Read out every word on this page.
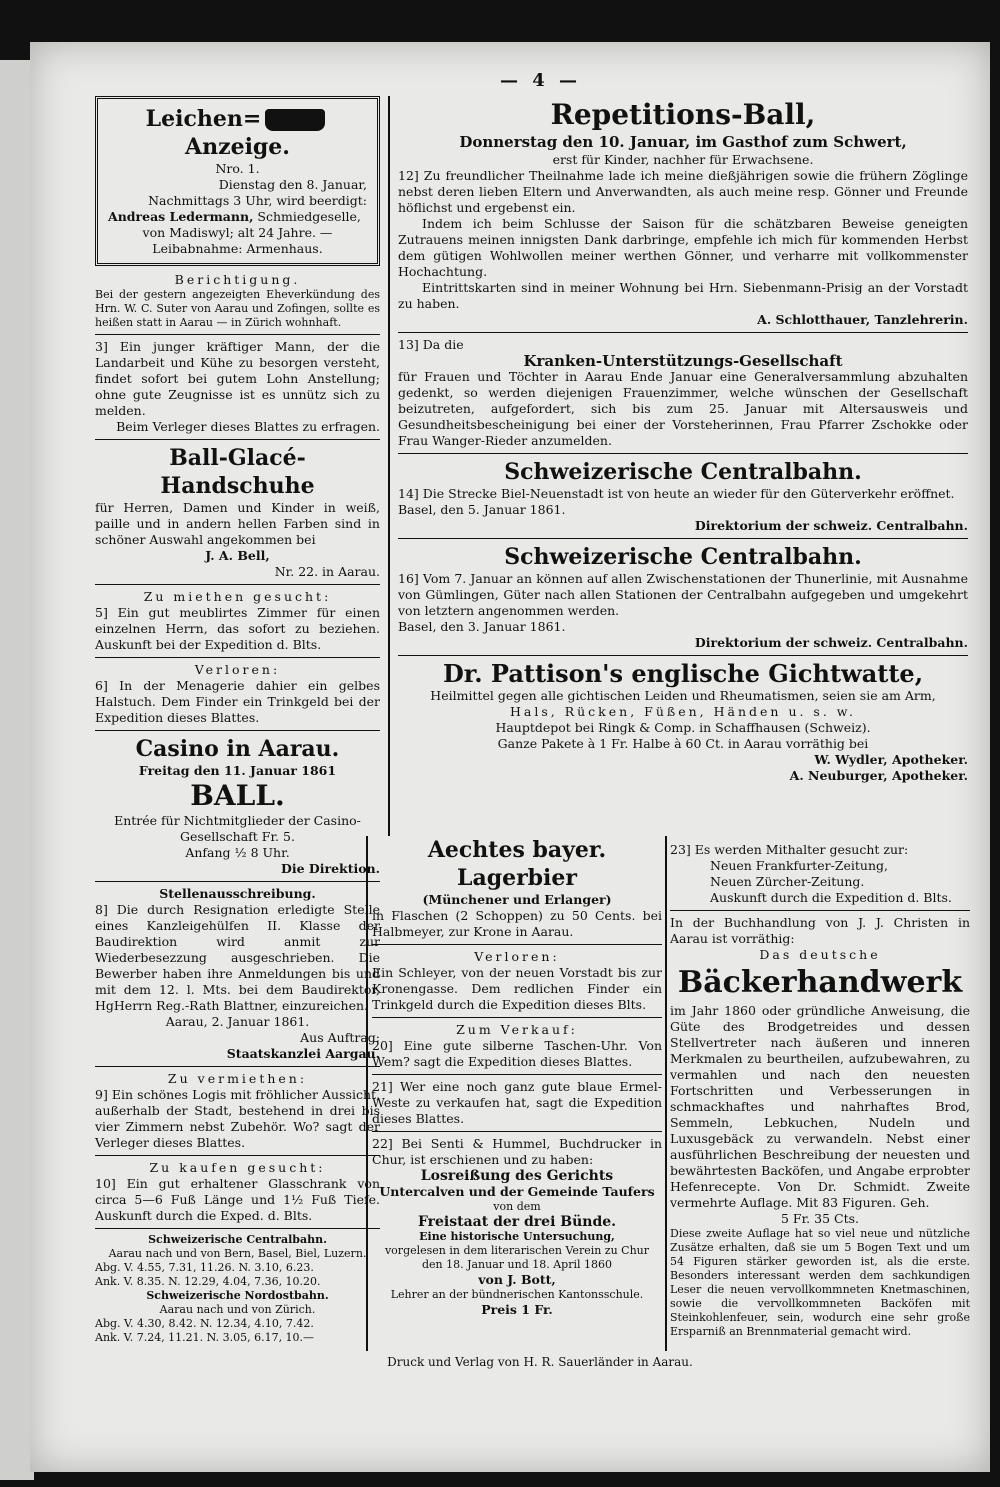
— 4 —
Leichen=Anzeige.

Nro. 1.

Dienstag den 8. Januar,

Nachmittags 3 Uhr, wird beerdigt:

Andreas Ledermann, Schmiedgeselle,

von Madiswyl; alt 24 Jahre. —

Leibabnahme: Armenhaus.

Berichtigung.

Bei der gestern angezeigten Eheverkündung des Hrn. W. C. Suter von Aarau und Zofingen, sollte es heißen statt in Aarau — in Zürich wohnhaft.

3] Ein junger kräftiger Mann, der die Landarbeit und Kühe zu besorgen versteht, findet sofort bei gutem Lohn Anstellung; ohne gute Zeugnisse ist es unnütz sich zu melden.

Beim Verleger dieses Blattes zu erfragen.

Ball-Glacé-Handschuhe

für Herren, Damen und Kinder in weiß, paille und in andern hellen Farben sind in schöner Auswahl angekommen bei

J. A. Bell,

Nr. 22. in Aarau.

Zu miethen gesucht:

5] Ein gut meublirtes Zimmer für einen einzelnen Herrn, das sofort zu beziehen. Auskunft bei der Expedition d. Blts.

Verloren:

6] In der Menagerie dahier ein gelbes Halstuch. Dem Finder ein Trinkgeld bei der Expedition dieses Blattes.

Casino in Aarau.

Freitag den 11. Januar 1861

BALL.

Entrée für Nichtmitglieder der Casino-Gesellschaft Fr. 5.

Anfang ½ 8 Uhr.

Die Direktion.

Stellenausschreibung.

8] Die durch Resignation erledigte Stelle eines Kanzleigehülfen II. Klasse der Baudirektion wird anmit zur Wiederbesezzung ausgeschrieben. Die Bewerber haben ihre Anmeldungen bis und mit dem 12. l. Mts. bei dem Baudirektor, HgHerrn Reg.-Rath Blattner, einzureichen.

Aarau, 2. Januar 1861.

Aus Auftrag:

Staatskanzlei Aargau.

Zu vermiethen:

9] Ein schönes Logis mit fröhlicher Aussicht, außerhalb der Stadt, bestehend in drei bis vier Zimmern nebst Zubehör. Wo? sagt der Verleger dieses Blattes.

Zu kaufen gesucht:

10] Ein gut erhaltener Glasschrank von circa 5—6 Fuß Länge und 1½ Fuß Tiefe. Auskunft durch die Exped. d. Blts.

Schweizerische Centralbahn.

Aarau nach und von Bern, Basel, Biel, Luzern.

Abg. V. 4.55, 7.31, 11.26. N. 3.10, 6.23.

Ank. V. 8.35. N. 12.29, 4.04, 7.36, 10.20.

Schweizerische Nordostbahn.

Aarau nach und von Zürich.

Abg. V. 4.30, 8.42. N. 12.34, 4.10, 7.42.

Ank. V. 7.24, 11.21. N. 3.05, 6.17, 10.—

Repetitions-Ball,

Donnerstag den 10. Januar, im Gasthof zum Schwert,

erst für Kinder, nachher für Erwachsene.

12] Zu freundlicher Theilnahme lade ich meine dießjährigen sowie die frühern Zöglinge nebst deren lieben Eltern und Anverwandten, als auch meine resp. Gönner und Freunde höflichst und ergebenst ein.

Indem ich beim Schlusse der Saison für die schätzbaren Beweise geneigten Zutrauens meinen innigsten Dank darbringe, empfehle ich mich für kommenden Herbst dem gütigen Wohlwollen meiner werthen Gönner, und verharre mit vollkommenster Hochachtung.

Eintrittskarten sind in meiner Wohnung bei Hrn. Siebenmann-Prisig an der Vorstadt zu haben.

A. Schlotthauer, Tanzlehrerin.

13] Da die

Kranken-Unterstützungs-Gesellschaft

für Frauen und Töchter in Aarau Ende Januar eine Generalversammlung abzuhalten gedenkt, so werden diejenigen Frauenzimmer, welche wünschen der Gesellschaft beizutreten, aufgefordert, sich bis zum 25. Januar mit Altersausweis und Gesundheitsbescheinigung bei einer der Vorsteherinnen, Frau Pfarrer Zschokke oder Frau Wanger-Rieder anzumelden.

Schweizerische Centralbahn.

14] Die Strecke Biel-Neuenstadt ist von heute an wieder für den Güterverkehr eröffnet.

Basel, den 5. Januar 1861.

Direktorium der schweiz. Centralbahn.

Schweizerische Centralbahn.

16] Vom 7. Januar an können auf allen Zwischenstationen der Thunerlinie, mit Ausnahme von Gümlingen, Güter nach allen Stationen der Centralbahn aufgegeben und umgekehrt von letztern angenommen werden.

Basel, den 3. Januar 1861.

Direktorium der schweiz. Centralbahn.

Dr. Pattison's englische Gichtwatte,

Heilmittel gegen alle gichtischen Leiden und Rheumatismen, seien sie am Arm,

Hals, Rücken, Füßen, Händen u. s. w.

Hauptdepot bei Ringk & Comp. in Schaffhausen (Schweiz).

Ganze Pakete à 1 Fr. Halbe à 60 Ct. in Aarau vorräthig bei

W. Wydler, Apotheker.

A. Neuburger, Apotheker.

Aechtes bayer. Lagerbier

(Münchener und Erlanger)

in Flaschen (2 Schoppen) zu 50 Cents. bei Halbmeyer, zur Krone in Aarau.

Verloren:

Ein Schleyer, von der neuen Vorstadt bis zur Kronengasse. Dem redlichen Finder ein Trinkgeld durch die Expedition dieses Blts.

Zum Verkauf:

20] Eine gute silberne Taschen-Uhr. Von Wem? sagt die Expedition dieses Blattes.

21] Wer eine noch ganz gute blaue Ermel-Weste zu verkaufen hat, sagt die Expedition dieses Blattes.

22] Bei Senti & Hummel, Buchdrucker in Chur, ist erschienen und zu haben:

Losreißung des Gerichts

Untercalven und der Gemeinde Taufers

von dem

Freistaat der drei Bünde.

Eine historische Untersuchung,

vorgelesen in dem literarischen Verein zu Chur

den 18. Januar und 18. April 1860

von J. Bott,

Lehrer an der bündnerischen Kantonsschule.

Preis 1 Fr.

23] Es werden Mithalter gesucht zur:

Neuen Frankfurter-Zeitung,

Neuen Zürcher-Zeitung.

Auskunft durch die Expedition d. Blts.

In der Buchhandlung von J. J. Christen in Aarau ist vorräthig:

Das deutsche

Bäckerhandwerk

im Jahr 1860 oder gründliche Anweisung, die Güte des Brodgetreides und dessen Stellvertreter nach äußeren und inneren Merkmalen zu beurtheilen, aufzubewahren, zu vermahlen und nach den neuesten Fortschritten und Verbesserungen in schmackhaftes und nahrhaftes Brod, Semmeln, Lebkuchen, Nudeln und Luxusgebäck zu verwandeln. Nebst einer ausführlichen Beschreibung der neuesten und bewährtesten Backöfen, und Angabe erprobter Hefenrecepte. Von Dr. Schmidt. Zweite vermehrte Auflage. Mit 83 Figuren. Geh.

5 Fr. 35 Cts.

Diese zweite Auflage hat so viel neue und nützliche Zusätze erhalten, daß sie um 5 Bogen Text und um 54 Figuren stärker geworden ist, als die erste. Besonders interessant werden dem sachkundigen Leser die neuen vervollkommneten Knetmaschinen, sowie die vervollkommneten Backöfen mit Steinkohlenfeuer, sein, wodurch eine sehr große Ersparniß an Brennmaterial gemacht wird.

Druck und Verlag von H. R. Sauerländer in Aarau.
